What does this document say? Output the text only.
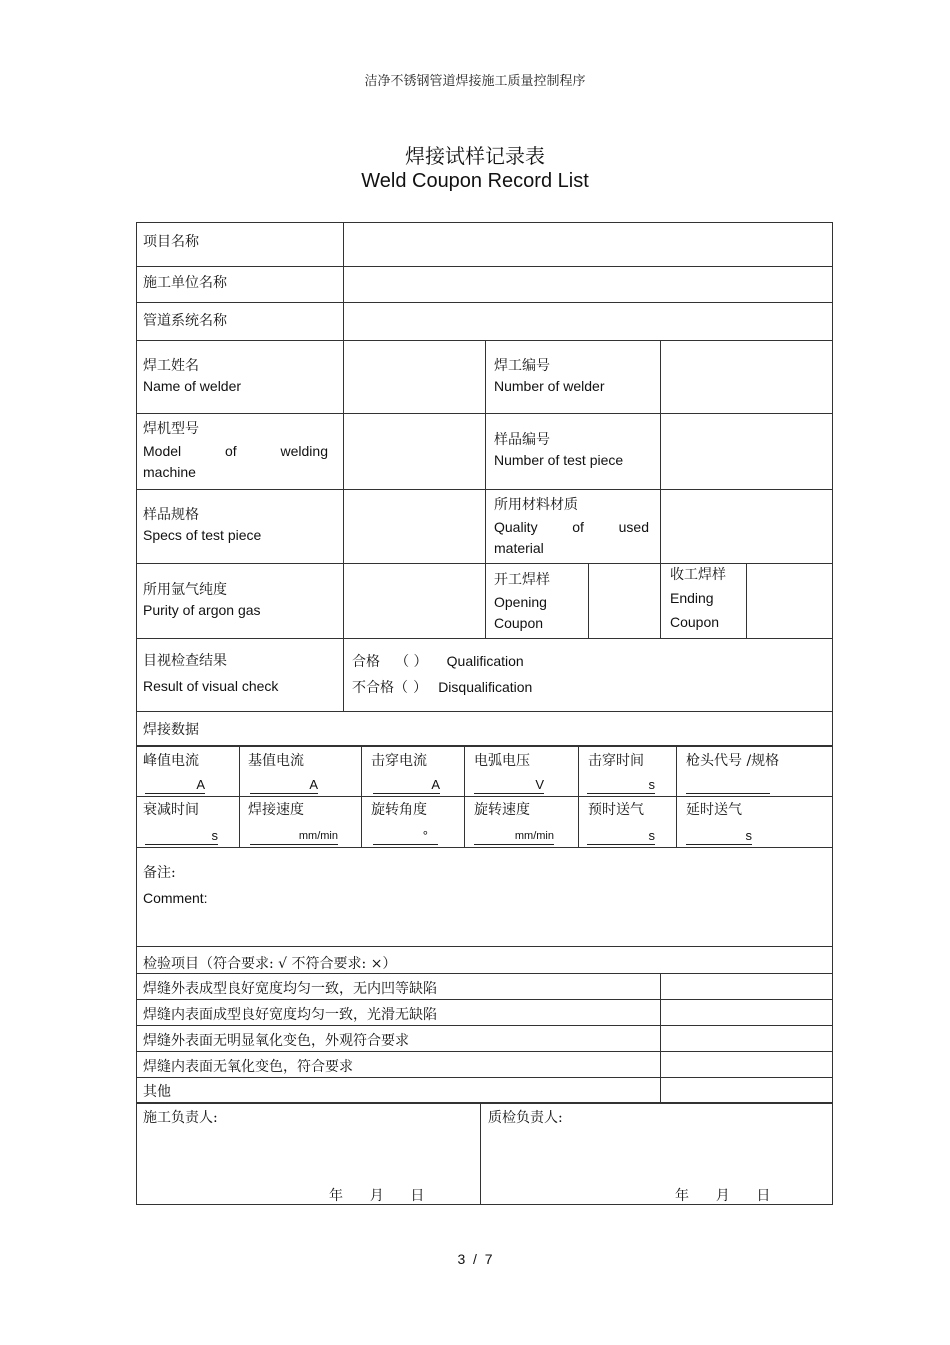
洁净不锈钢管道焊接施工质量控制程序
焊接试样记录表
Weld Coupon Record List
项目名称
施工单位名称
管道系统名称
焊工姓名
Name of welder
焊工编号
Number of welder
焊机型号
Model	of	welding
machine
样品编号
Number of test piece
样品规格
Specs of test piece
所用材料材质
Quality of used
material
所用氩气纯度
Purity of argon gas
开工焊样
Opening
Coupon
收工焊样
Ending
Coupon
目视检查结果
Result of visual check
合格 （ ） Qualification
不合格（ ） Disqualification
焊接数据
峰值电流
A
基值电流
A
击穿电流
A
电弧电压
V
击穿时间
s
枪头代号 /规格
衰减时间
s
焊接速度
mm/min
旋转角度
°
旋转速度
mm/min
预时送气
s
延时送气
s
备注:
Comment:
检验项目（符合要求: √ 不符合要求: ×）
焊缝外表成型良好宽度均匀一致，无内凹等缺陷
焊缝内表面成型良好宽度均匀一致，光滑无缺陷
焊缝外表面无明显氧化变色，外观符合要求
焊缝内表面无氧化变色，符合要求
其他
施工负责人:
年      月      日
质检负责人:
年      月      日
3  /  7
